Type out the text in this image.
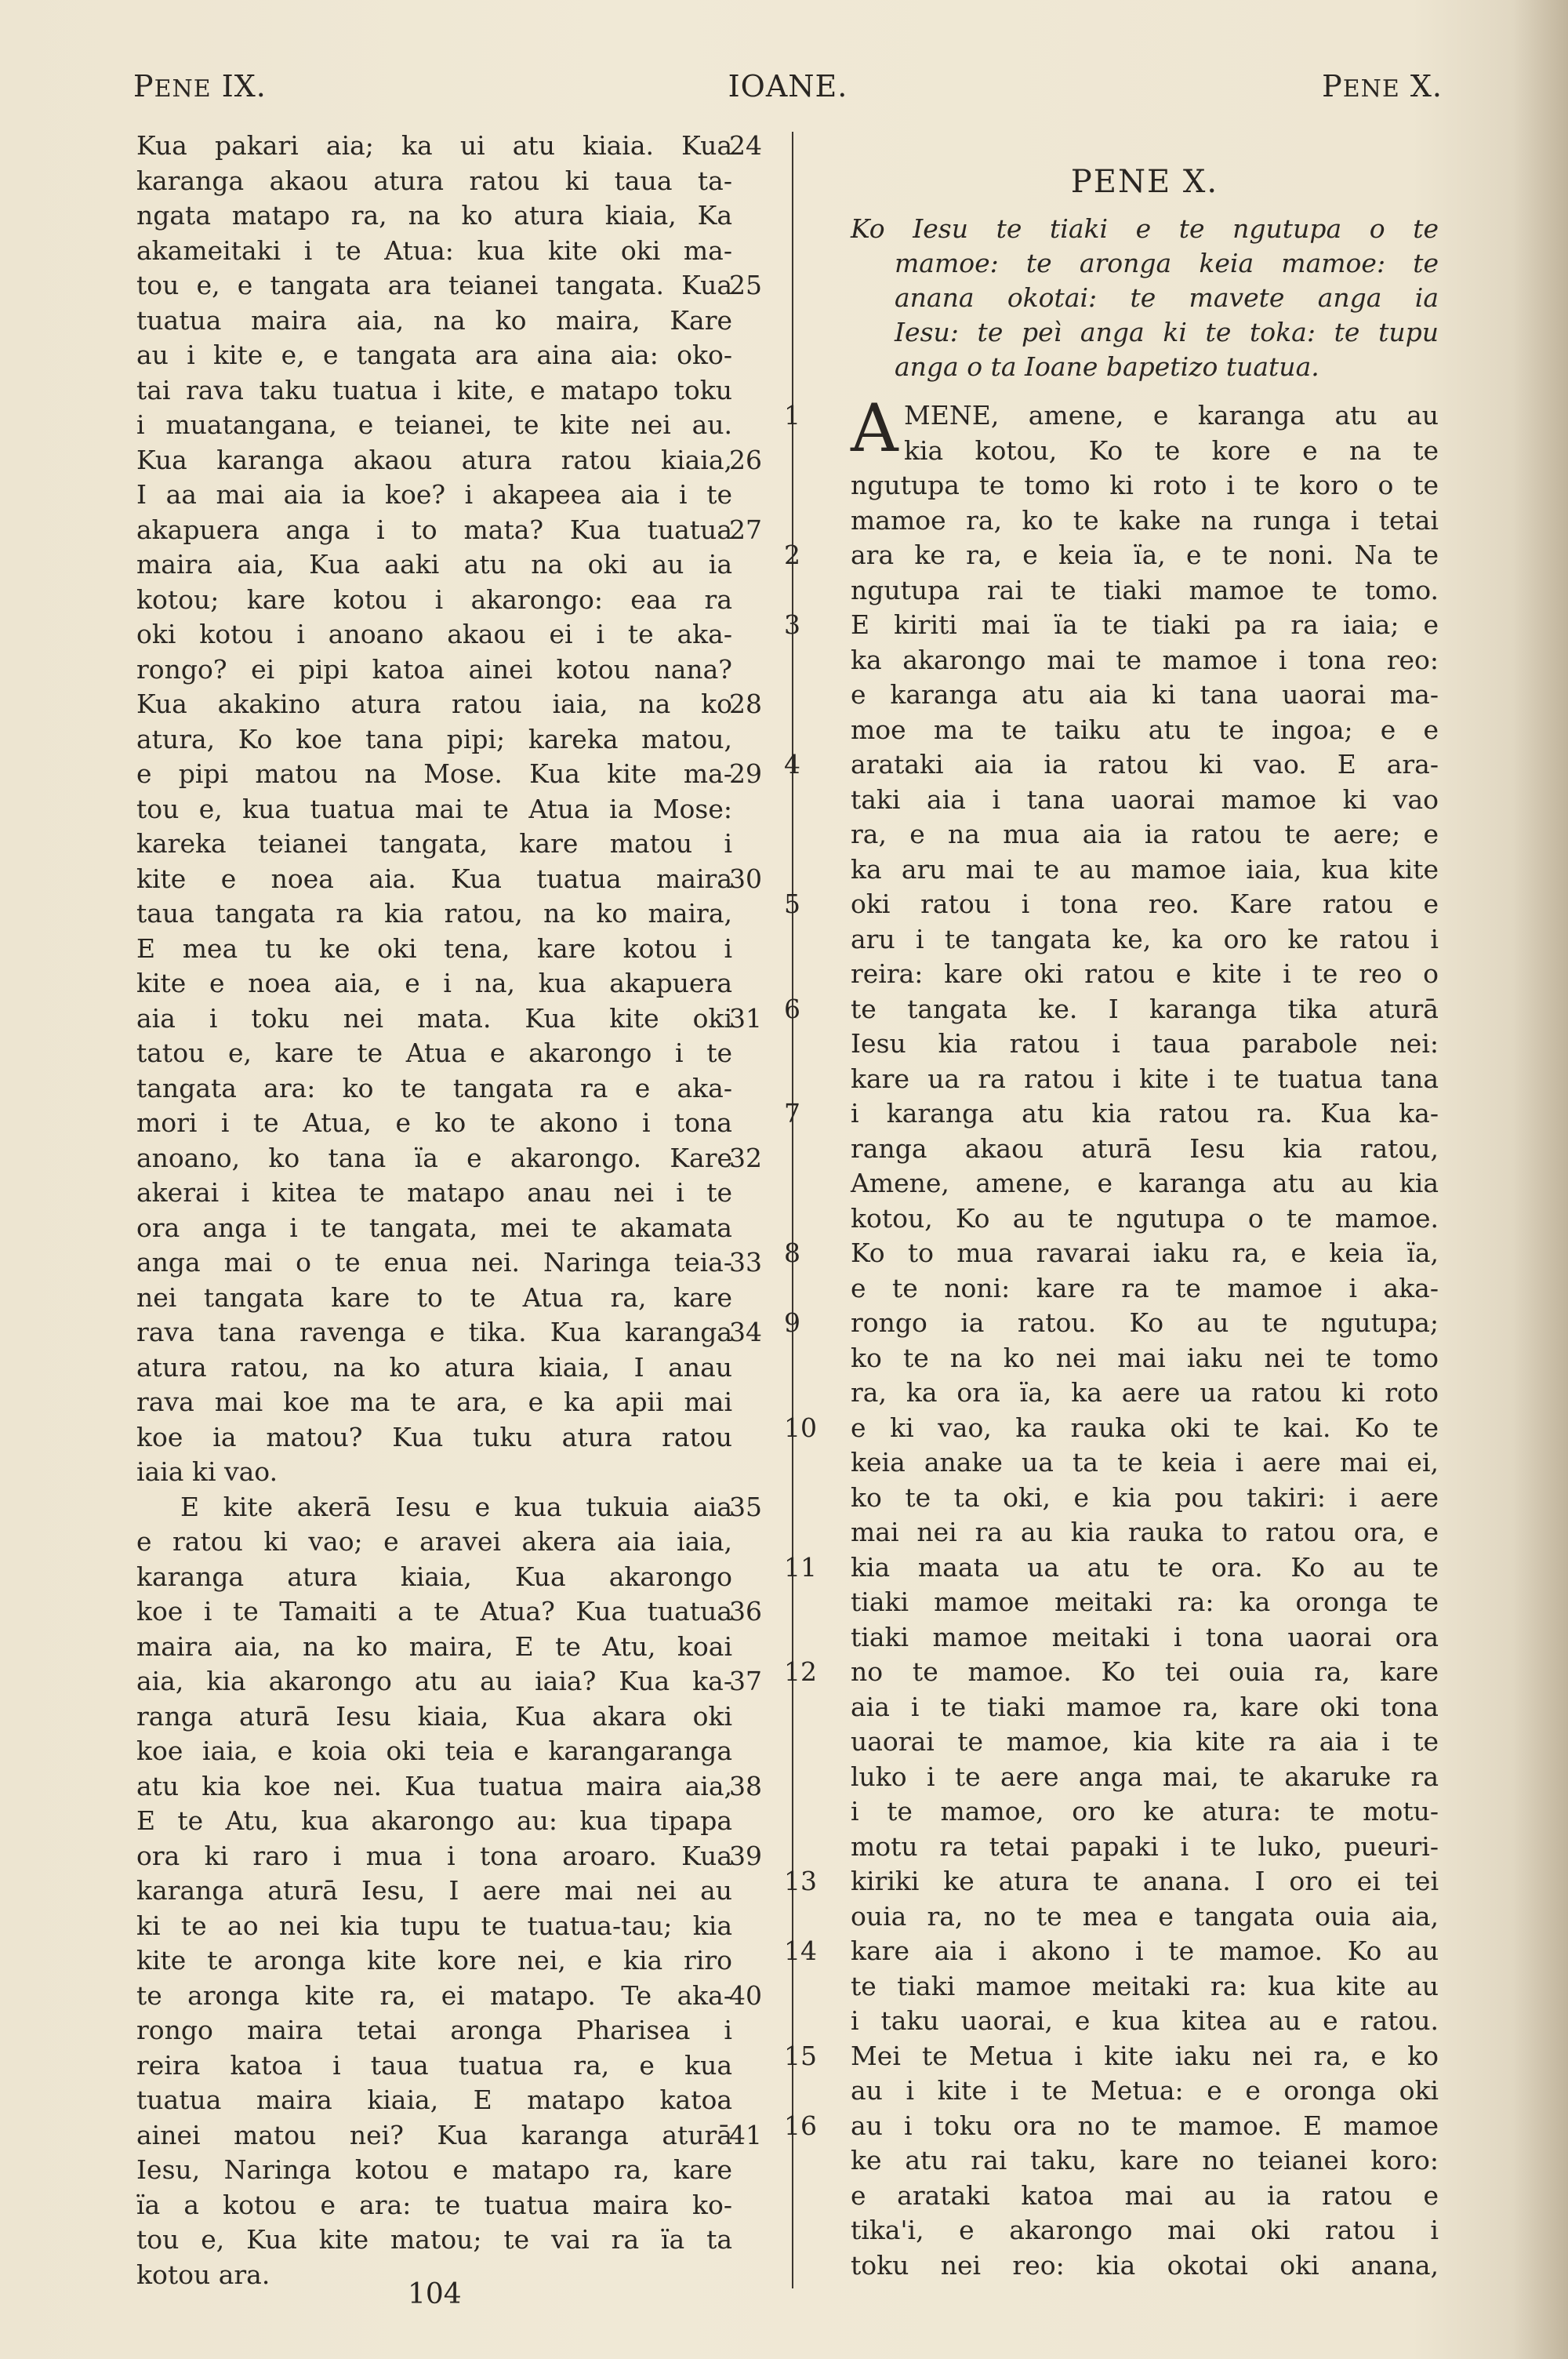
PENE IX.	IOANE.	PENE X.
Kua pakari aia; ka ui atu kiaia. Kua
24
karanga akaou atura ratou ki taua ta-
ngata matapo ra, na ko atura kiaia, Ka
akameitaki i te Atua: kua kite oki ma-
tou e, e tangata ara teianei tangata. Kua
25
tuatua maira aia, na ko maira, Kare
au i kite e, e tangata ara aina aia: oko-
tai rava taku tuatua i kite, e matapo toku
i muatangana, e teianei, te kite nei au.
Kua karanga akaou atura ratou kiaia,
26
I aa mai aia ia koe? i akapeea aia i te
akapuera anga i to mata? Kua tuatua
27
maira aia, Kua aaki atu na oki au ia
kotou; kare kotou i akarongo: eaa ra
oki kotou i anoano akaou ei i te aka-
rongo? ei pipi katoa ainei kotou nana?
Kua akakino atura ratou iaia, na ko
28
atura, Ko koe tana pipi; kareka matou,
e pipi matou na Mose. Kua kite ma-
29
tou e, kua tuatua mai te Atua ia Mose:
kareka teianei tangata, kare matou i
kite e noea aia. Kua tuatua maira
30
taua tangata ra kia ratou, na ko maira,
E mea tu ke oki tena, kare kotou i
kite e noea aia, e i na, kua akapuera
aia i toku nei mata. Kua kite oki
31
tatou e, kare te Atua e akarongo i te
tangata ara: ko te tangata ra e aka-
mori i te Atua, e ko te akono i tona
anoano, ko tana ïa e akarongo. Kare
32
akerai i kitea te matapo anau nei i te
ora anga i te tangata, mei te akamata
anga mai o te enua nei. Naringa teia-
33
nei tangata kare to te Atua ra, kare
rava tana ravenga e tika. Kua karanga
34
atura ratou, na ko atura kiaia, I anau
rava mai koe ma te ara, e ka apii mai
koe ia matou? Kua tuku atura ratou
iaia ki vao.
E kite akerā Iesu e kua tukuia aia
35
e ratou ki vao; e aravei akera aia iaia,
karanga atura kiaia, Kua akarongo
koe i te Tamaiti a te Atua? Kua tuatua
36
maira aia, na ko maira, E te Atu, koai
aia, kia akarongo atu au iaia? Kua ka-
37
ranga aturā Iesu kiaia, Kua akara oki
koe iaia, e koia oki teia e karangaranga
atu kia koe nei. Kua tuatua maira aia,
38
E te Atu, kua akarongo au: kua tipapa
ora ki raro i mua i tona aroaro. Kua
39
karanga aturā Iesu, I aere mai nei au
ki te ao nei kia tupu te tuatua-tau; kia
kite te aronga kite kore nei, e kia riro
te aronga kite ra, ei matapo. Te aka-
40
rongo maira tetai aronga Pharisea i
reira katoa i taua tuatua ra, e kua
tuatua maira kiaia, E matapo katoa
ainei matou nei? Kua karanga aturā
41
Iesu, Naringa kotou e matapo ra, kare
ïa a kotou e ara: te tuatua maira ko-
tou e, Kua kite matou; te vai ra ïa ta
kotou ara.
PENE X.
Ko Iesu te tiaki e te ngutupa o te
mamoe: te aronga keia mamoe: te
anana okotai: te mavete anga ia
Iesu: te peì anga ki te toka: te tupu
anga o ta Ioane bapetizo tuatua.
1 A MENE, amene, e karanga atu au
kia kotou, Ko te kore e na te
ngutupa te tomo ki roto i te koro o te
mamoe ra, ko te kake na runga i tetai
ara ke ra, e keia ïa, e te noni. Na te
2
ngutupa rai te tiaki mamoe te tomo.
E kiriti mai ïa te tiaki pa ra iaia; e
3
ka akarongo mai te mamoe i tona reo:
e karanga atu aia ki tana uaorai ma-
moe ma te taiku atu te ingoa; e e
arataki aia ia ratou ki vao. E ara-
4
taki aia i tana uaorai mamoe ki vao
ra, e na mua aia ia ratou te aere; e
ka aru mai te au mamoe iaia, kua kite
oki ratou i tona reo. Kare ratou e
5
aru i te tangata ke, ka oro ke ratou i
reira: kare oki ratou e kite i te reo o
te tangata ke. I karanga tika aturā
6
Iesu kia ratou i taua parabole nei:
kare ua ra ratou i kite i te tuatua tana
i karanga atu kia ratou ra. Kua ka-
7
ranga akaou aturā Iesu kia ratou,
Amene, amene, e karanga atu au kia
kotou, Ko au te ngutupa o te mamoe.
Ko to mua ravarai iaku ra, e keia ïa,
8
e te noni: kare ra te mamoe i aka-
rongo ia ratou. Ko au te ngutupa;
9
ko te na ko nei mai iaku nei te tomo
ra, ka ora ïa, ka aere ua ratou ki roto
e ki vao, ka rauka oki te kai. Ko te
10
keia anake ua ta te keia i aere mai ei,
ko te ta oki, e kia pou takiri: i aere
mai nei ra au kia rauka to ratou ora, e
kia maata ua atu te ora. Ko au te
11
tiaki mamoe meitaki ra: ka oronga te
tiaki mamoe meitaki i tona uaorai ora
no te mamoe. Ko tei ouia ra, kare
12
aia i te tiaki mamoe ra, kare oki tona
uaorai te mamoe, kia kite ra aia i te
luko i te aere anga mai, te akaruke ra
i te mamoe, oro ke atura: te motu-
motu ra tetai papaki i te luko, pueuri-
kiriki ke atura te anana. I oro ei tei
13
ouia ra, no te mea e tangata ouia aia,
kare aia i akono i te mamoe. Ko au
14
te tiaki mamoe meitaki ra: kua kite au
i taku uaorai, e kua kitea au e ratou.
Mei te Metua i kite iaku nei ra, e ko
15
au i kite i te Metua: e e oronga oki
au i toku ora no te mamoe. E mamoe
16
ke atu rai taku, kare no teianei koro:
e arataki katoa mai au ia ratou e
tika'i, e akarongo mai oki ratou i
toku nei reo: kia okotai oki anana,
104
